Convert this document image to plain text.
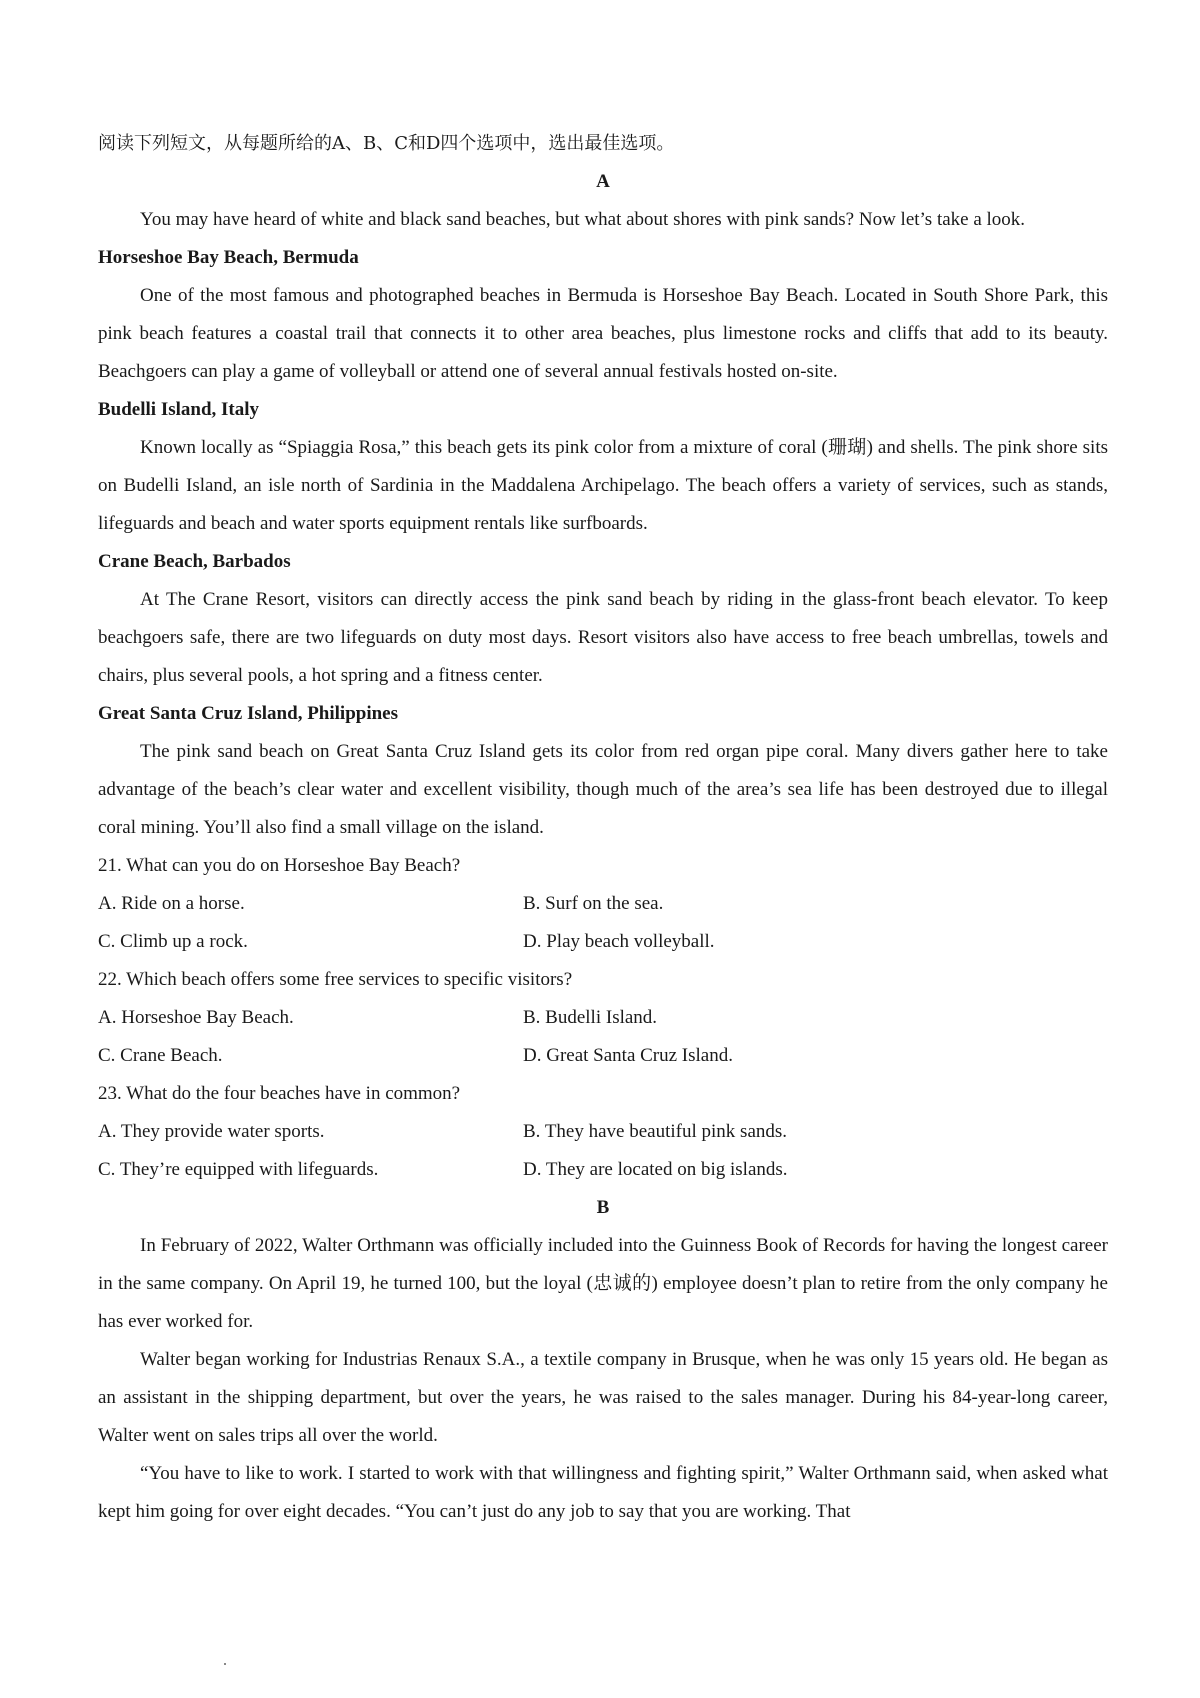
阅读下列短文，从每题所给的A、B、C和D四个选项中，选出最佳选项。

A

You may have heard of white and black sand beaches, but what about shores with pink sands? Now let’s take a look.

Horseshoe Bay Beach, Bermuda

One of the most famous and photographed beaches in Bermuda is Horseshoe Bay Beach. Located in South Shore Park, this pink beach features a coastal trail that connects it to other area beaches, plus limestone rocks and cliffs that add to its beauty. Beachgoers can play a game of volleyball or attend one of several annual festivals hosted on-site.

Budelli Island, Italy

Known locally as “Spiaggia Rosa,” this beach gets its pink color from a mixture of coral (珊瑚) and shells. The pink shore sits on Budelli Island, an isle north of Sardinia in the Maddalena Archipelago. The beach offers a variety of services, such as stands, lifeguards and beach and water sports equipment rentals like surfboards.

Crane Beach, Barbados

At The Crane Resort, visitors can directly access the pink sand beach by riding in the glass-front beach elevator. To keep beachgoers safe, there are two lifeguards on duty most days. Resort visitors also have access to free beach umbrellas, towels and chairs, plus several pools, a hot spring and a fitness center.

Great Santa Cruz Island, Philippines

The pink sand beach on Great Santa Cruz Island gets its color from red organ pipe coral. Many divers gather here to take advantage of the beach’s clear water and excellent visibility, though much of the area’s sea life has been destroyed due to illegal coral mining. You’ll also find a small village on the island.

21. What can you do on Horseshoe Bay Beach?

A. Ride on a horse.	B. Surf on the sea.

C. Climb up a rock.	D. Play beach volleyball.

22. Which beach offers some free services to specific visitors?

A. Horseshoe Bay Beach.	B. Budelli Island.

C. Crane Beach.	D. Great Santa Cruz Island.

23. What do the four beaches have in common?

A. They provide water sports.	B. They have beautiful pink sands.

C. They’re equipped with lifeguards.	D. They are located on big islands.

B

In February of 2022, Walter Orthmann was officially included into the Guinness Book of Records for having the longest career in the same company. On April 19, he turned 100, but the loyal (忠诚的) employee doesn’t plan to retire from the only company he has ever worked for.

Walter began working for Industrias Renaux S.A., a textile company in Brusque, when he was only 15 years old. He began as an assistant in the shipping department, but over the years, he was raised to the sales manager. During his 84-year-long career, Walter went on sales trips all over the world.

“You have to like to work. I started to work with that willingness and fighting spirit,” Walter Orthmann said, when asked what kept him going for over eight decades. “You can’t just do any job to say that you are working. That
